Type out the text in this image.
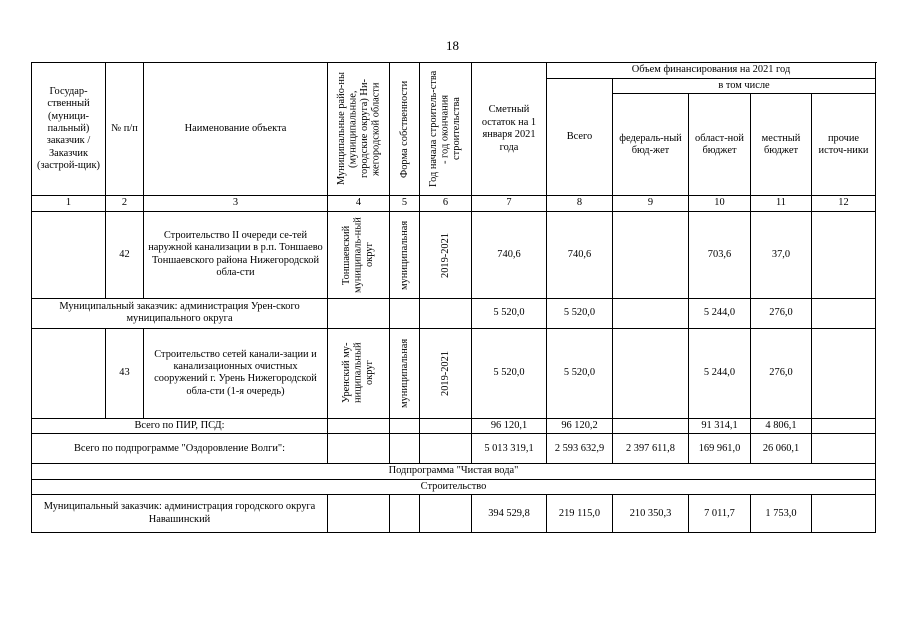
18
Государ-ственный (муници-пальный) заказчик / Заказчик (застрой-щик)	№ п/п	Наименование объекта	Муниципальные райо-ны (муниципальные, городские округа) Ни-жегородской области	Форма собственности	Год начала строитель-ства - год окончания строительства	Сметный остаток на 1 января 2021 года	Объем финансирования на 2021 год				
							Всего	в том числе			
								федераль-ный бюд-жет	област-ной бюджет	местный бюджет	прочие источ-ники
1	2	3	4	5	6	7	8	9	10	11	12
	42	Строительство II очереди се-тей наружной канализации в р.п. Тоншаево Тоншаевского района Нижегородской обла-сти	Тоншаевский муниципаль-ный округ	муниципальная	2019-2021	740,6	740,6		703,6	37,0	
Муниципальный заказчик: администрация Урен-ского муниципального округа						5 520,0	5 520,0		5 244,0	276,0	
	43	Строительство сетей канали-зации и канализационных очистных сооружений г. Урень Нижегородской обла-сти (1-я очередь)	Уренский му-ниципальный округ	муниципальная	2019-2021	5 520,0	5 520,0		5 244,0	276,0	
Всего по ПИР, ПСД:						96 120,1	96 120,2		91 314,1	4 806,1	
Всего по подпрограмме "Оздоровление Волги":						5 013 319,1	2 593 632,9	2 397 611,8	169 961,0	26 060,1	
Подпрограмма "Чистая вода"											
Строительство											
Муниципальный заказчик: администрация городского округа Навашинский						394 529,8	219 115,0	210 350,3	7 011,7	1 753,0	
